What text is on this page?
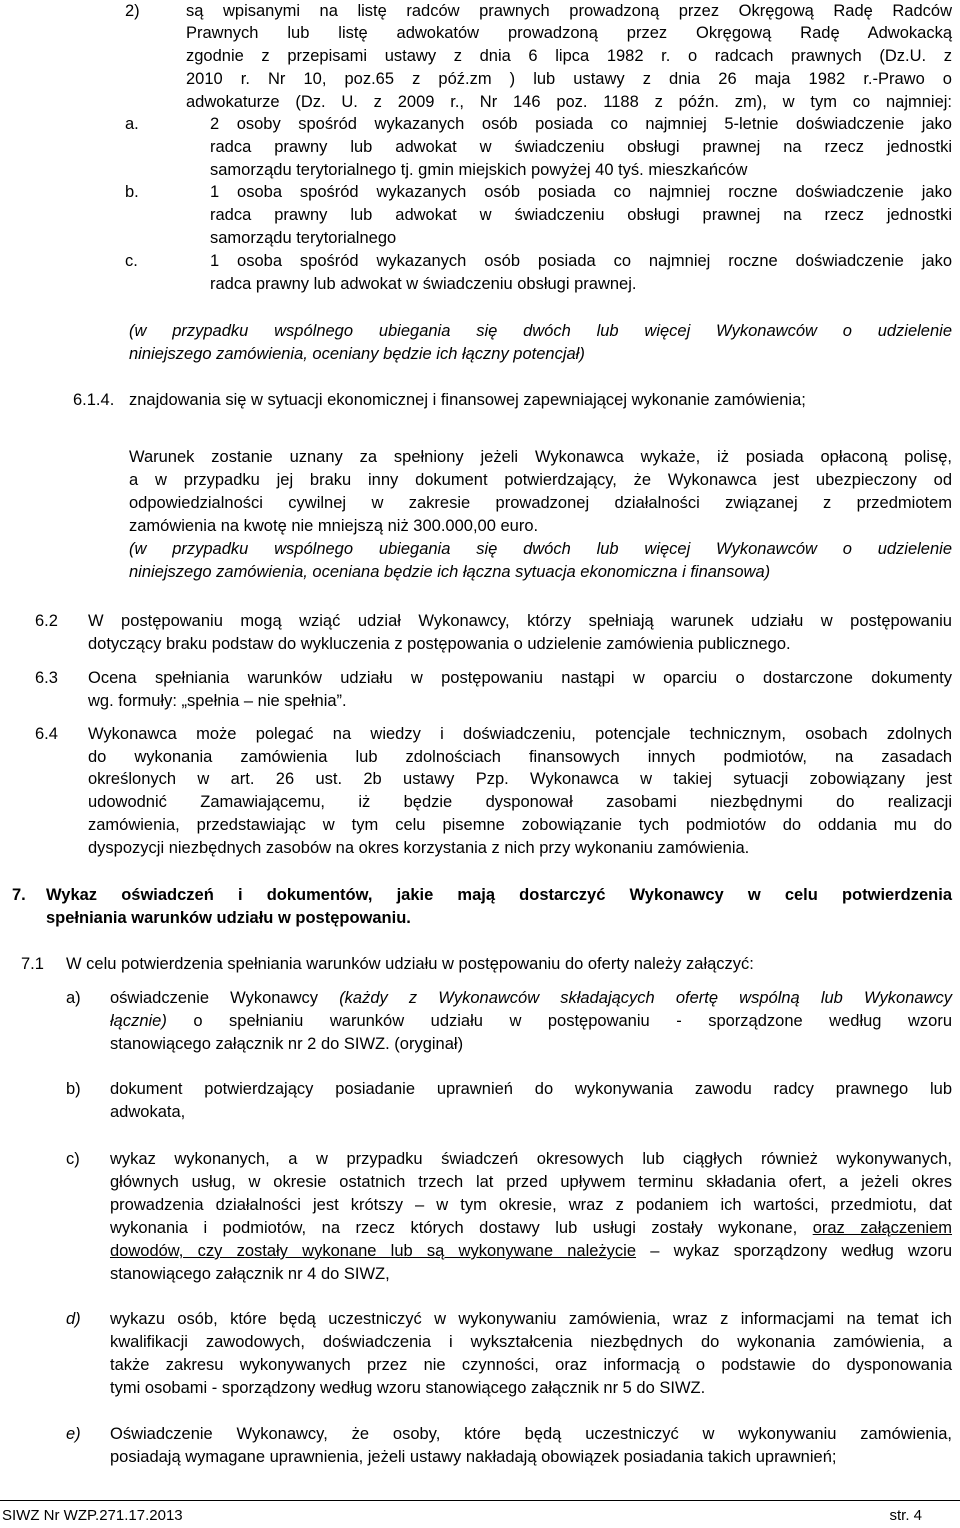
2)	są wpisanymi na listę radców prawnych prowadzoną przez Okręgową Radę Radców
Prawnych lub listę adwokatów prowadzoną przez Okręgową Radę Adwokacką
zgodnie z przepisami ustawy z dnia 6 lipca 1982 r. o radcach prawnych (Dz.U. z
2010 r. Nr 10, poz.65 z póź.zm ) lub ustawy z dnia 26 maja 1982 r.-Prawo o
adwokaturze (Dz. U. z 2009 r., Nr 146 poz. 1188 z późn. zm), w tym co najmniej:
a.	2 osoby spośród wykazanych osób posiada co najmniej 5-letnie doświadczenie jako
radca prawny lub adwokat w świadczeniu obsługi prawnej na rzecz jednostki
samorządu terytorialnego tj. gmin miejskich powyżej 40 tyś. mieszkańców
b.	1 osoba spośród wykazanych osób posiada co najmniej roczne doświadczenie jako
radca prawny lub adwokat w świadczeniu obsługi prawnej na rzecz jednostki
samorządu terytorialnego
c.	1 osoba spośród wykazanych osób posiada co najmniej roczne doświadczenie jako
radca prawny lub adwokat w świadczeniu obsługi prawnej.
(w przypadku wspólnego ubiegania się dwóch lub więcej Wykonawców o udzielenie
niniejszego zamówienia, oceniany będzie ich łączny potencjał)
6.1.4. znajdowania się w sytuacji ekonomicznej i finansowej zapewniającej wykonanie zamówienia;
Warunek zostanie uznany za spełniony jeżeli Wykonawca wykaże, iż posiada opłaconą polisę,
a w przypadku jej braku inny dokument potwierdzający, że Wykonawca jest ubezpieczony od
odpowiedzialności cywilnej w zakresie prowadzonej działalności związanej z przedmiotem
zamówienia na kwotę nie mniejszą niż 300.000,00 euro.
(w przypadku wspólnego ubiegania się dwóch lub więcej Wykonawców o udzielenie
niniejszego zamówienia, oceniana będzie ich łączna sytuacja ekonomiczna i finansowa)
6.2 W postępowaniu mogą wziąć udział Wykonawcy, którzy spełniają warunek udziału w postępowaniu
dotyczący braku podstaw do wykluczenia z postępowania o udzielenie zamówienia publicznego.
6.3 Ocena spełniania warunków udziału w postępowaniu nastąpi w oparciu o dostarczone dokumenty
wg. formuły: „spełnia – nie spełnia”.
6.4 Wykonawca może polegać na wiedzy i doświadczeniu, potencjale technicznym, osobach zdolnych
do wykonania zamówienia lub zdolnościach finansowych innych podmiotów, na zasadach
określonych w art. 26 ust. 2b ustawy Pzp. Wykonawca w takiej sytuacji zobowiązany jest
udowodnić Zamawiającemu, iż będzie dysponował zasobami niezbędnymi do realizacji
zamówienia, przedstawiając w tym celu pisemne zobowiązanie tych podmiotów do oddania mu do
dyspozycji niezbędnych zasobów na okres korzystania z nich przy wykonaniu zamówienia.
7. Wykaz oświadczeń i dokumentów, jakie mają dostarczyć Wykonawcy w celu potwierdzenia
spełniania warunków udziału w postępowaniu.
7.1 W celu potwierdzenia spełniania warunków udziału w postępowaniu do oferty należy załączyć:
a) oświadczenie Wykonawcy (każdy z Wykonawców składających ofertę wspólną lub Wykonawcy
łącznie) o spełnianiu warunków udziału w postępowaniu - sporządzone według wzoru
stanowiącego załącznik nr 2 do SIWZ. (oryginał)
b) dokument potwierdzający posiadanie uprawnień do wykonywania zawodu radcy prawnego lub
adwokata,
c) wykaz wykonanych, a w przypadku świadczeń okresowych lub ciągłych również wykonywanych,
głównych usług, w okresie ostatnich trzech lat przed upływem terminu składania ofert, a jeżeli okres
prowadzenia działalności jest krótszy – w tym okresie, wraz z podaniem ich wartości, przedmiotu, dat
wykonania i podmiotów, na rzecz których dostawy lub usługi zostały wykonane, oraz załączeniem
dowodów, czy zostały wykonane lub są wykonywane należycie – wykaz sporządzony według wzoru
stanowiącego załącznik nr 4 do SIWZ,
d) wykazu osób, które będą uczestniczyć w wykonywaniu zamówienia, wraz z informacjami na temat ich
kwalifikacji zawodowych, doświadczenia i wykształcenia niezbędnych do wykonania zamówienia, a
także zakresu wykonywanych przez nie czynności, oraz informacją o podstawie do dysponowania
tymi osobami - sporządzony według wzoru stanowiącego załącznik nr 5 do SIWZ.
e) Oświadczenie Wykonawcy, że osoby, które będą uczestniczyć w wykonywaniu zamówienia,
posiadają wymagane uprawnienia, jeżeli ustawy nakładają obowiązek posiadania takich uprawnień;
SIWZ Nr WZP.271.17.2013	str. 4
